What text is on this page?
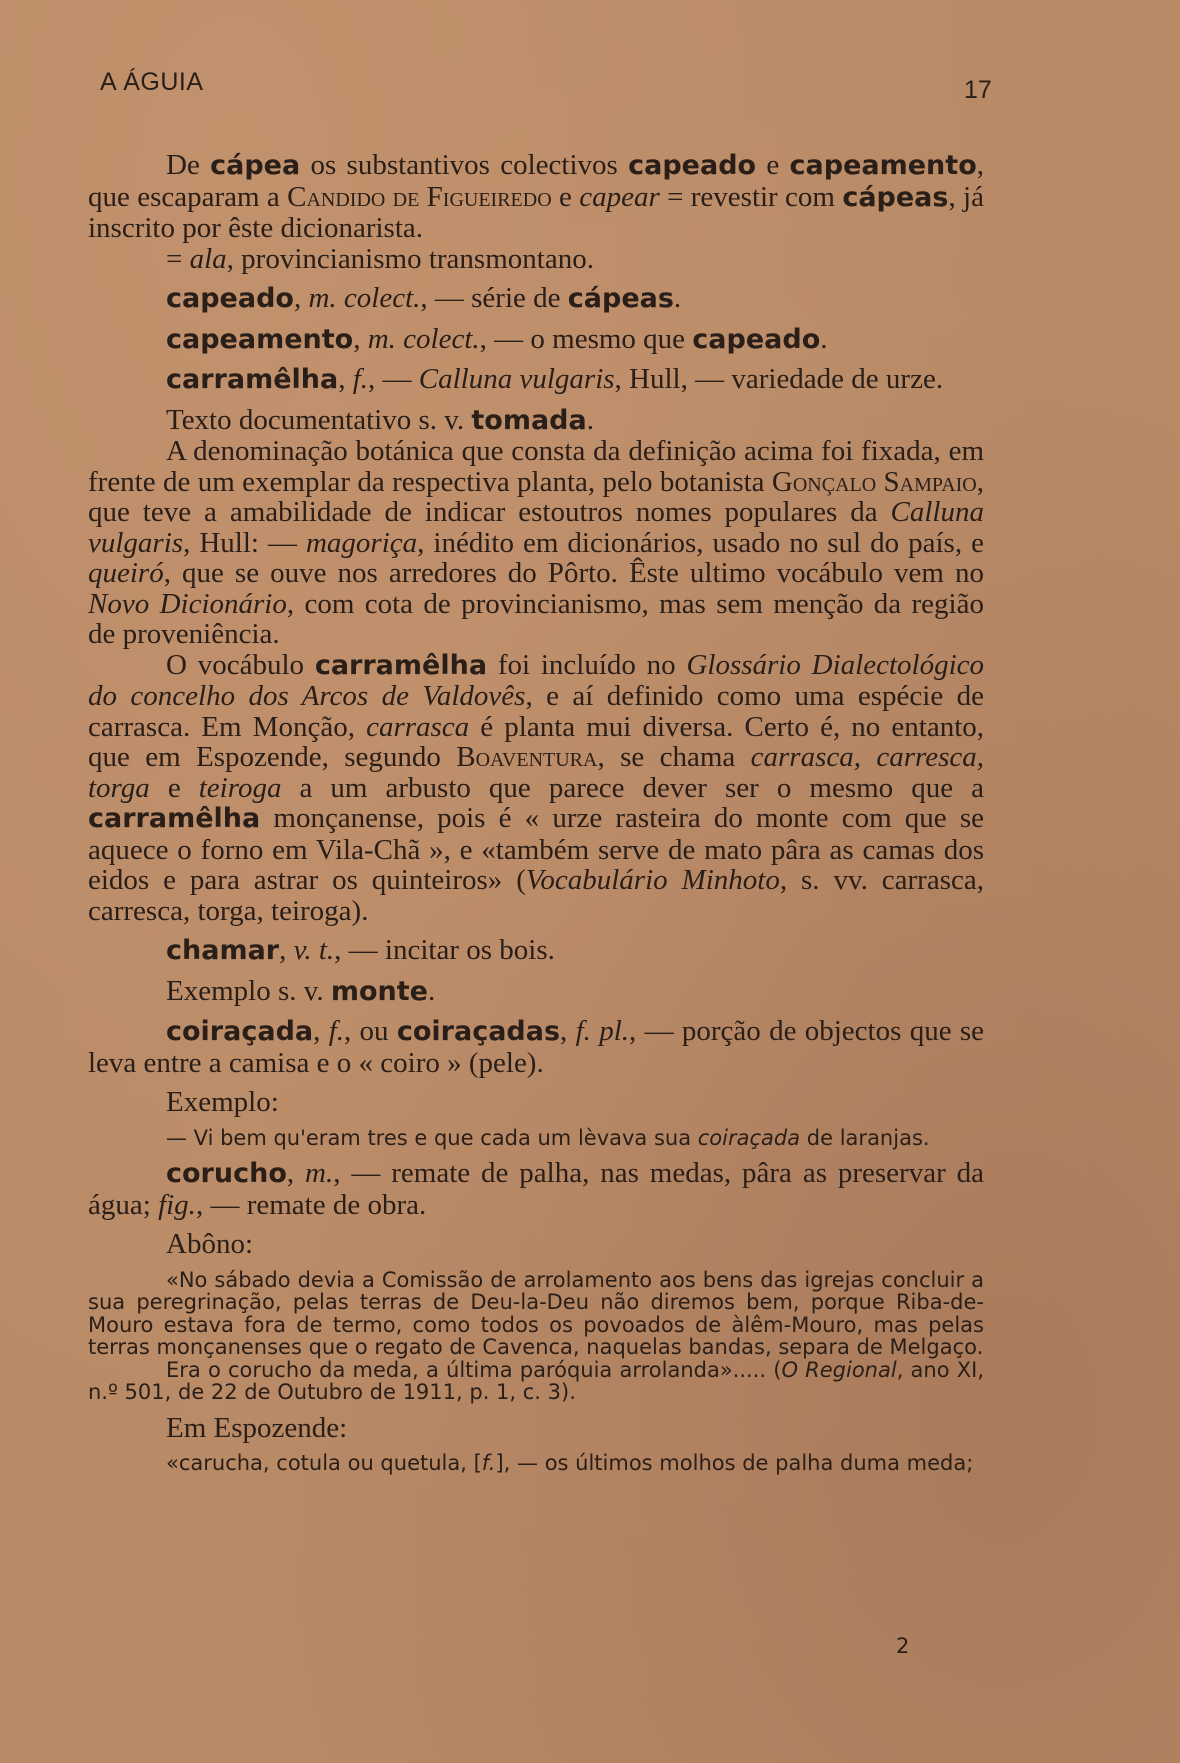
A ÁGUIA	17

De cápea os substantivos colectivos capeado e capeamento, que escaparam a Candido de Figueiredo e capear = revestir com cápeas, já inscrito por êste dicionarista.

= ala, provincianismo transmontano.

capeado, m. colect., — série de cápeas.

capeamento, m. colect., — o mesmo que capeado.

carramêlha, f., — Calluna vulgaris, Hull, — variedade de urze.

Texto documentativo s. v. tomada.

A denominação botánica que consta da definição acima foi fixada, em frente de um exemplar da respectiva planta, pelo botanista Gonçalo Sampaio, que teve a amabilidade de indicar estoutros nomes populares da Calluna vulgaris, Hull: — magoriça, inédito em dicionários, usado no sul do país, e queiró, que se ouve nos arredores do Pôrto. Êste ultimo vocábulo vem no Novo Dicionário, com cota de provincianismo, mas sem menção da região de proveniência.

O vocábulo carramêlha foi incluído no Glossário Dialectológico do concelho dos Arcos de Valdovês, e aí definido como uma espécie de carrasca. Em Monção, carrasca é planta mui diversa. Certo é, no entanto, que em Espozende, segundo Boaventura, se chama carrasca, carresca, torga e teiroga a um arbusto que parece dever ser o mesmo que a carramêlha monçanense, pois é « urze rasteira do monte com que se aquece o forno em Vila-Chã », e «também serve de mato pâra as camas dos eidos e para astrar os quinteiros» (Vocabulário Minhoto, s. vv. carrasca, carresca, torga, teiroga).

chamar, v. t., — incitar os bois.

Exemplo s. v. monte.

coiraçada, f., ou coiraçadas, f. pl., — porção de objectos que se leva entre a camisa e o « coiro » (pele).

Exemplo:

— Vi bem qu'eram tres e que cada um lèvava sua coiraçada de laranjas.

corucho, m., — remate de palha, nas medas, pâra as preservar da água; fig., — remate de obra.

Abôno:

«No sábado devia a Comissão de arrolamento aos bens das igrejas concluir a sua peregrinação, pelas terras de Deu-la-Deu não diremos bem, porque Riba-de-Mouro estava fora de termo, como todos os povoados de àlêm-Mouro, mas pelas terras monçanenses que o regato de Cavenca, naquelas bandas, separa de Melgaço.

Era o corucho da meda, a última paróquia arrolanda»..... (O Regional, ano XI, n.º 501, de 22 de Outubro de 1911, p. 1, c. 3).

Em Espozende:

«carucha, cotula ou quetula, [f.], — os últimos molhos de palha duma meda;

2
